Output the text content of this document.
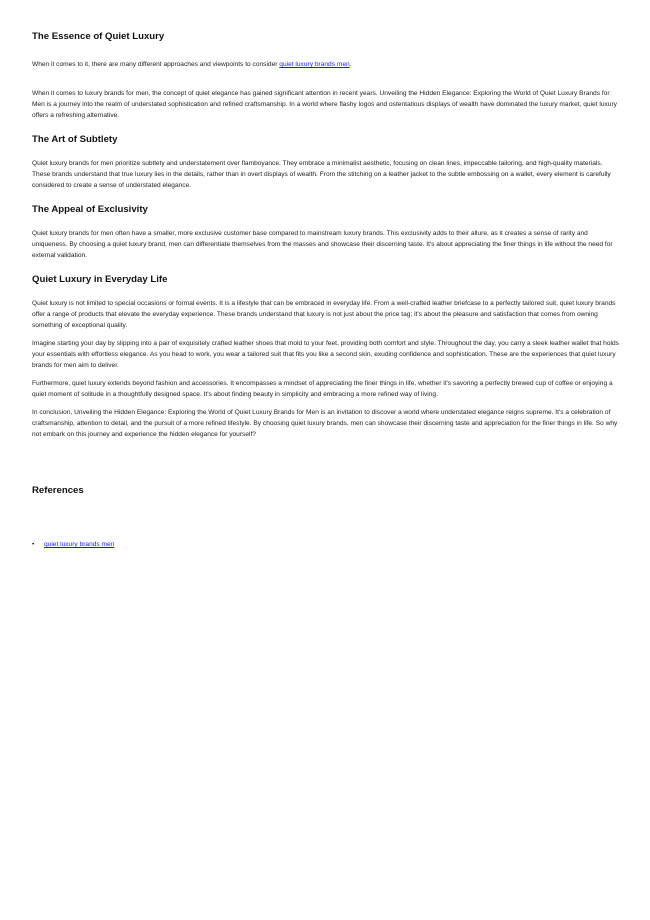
The Essence of Quiet Luxury

When it comes to it, there are many different approaches and viewpoints to consider quiet luxury brands men.

When it comes to luxury brands for men, the concept of quiet elegance has gained significant attention in recent years. Unveiling the Hidden Elegance: Exploring the World of Quiet Luxury Brands for Men is a journey into the realm of understated sophistication and refined craftsmanship. In a world where flashy logos and ostentatious displays of wealth have dominated the luxury market, quiet luxury offers a refreshing alternative.

The Art of Subtlety

Quiet luxury brands for men prioritize subtlety and understatement over flamboyance. They embrace a minimalist aesthetic, focusing on clean lines, impeccable tailoring, and high-quality materials. These brands understand that true luxury lies in the details, rather than in overt displays of wealth. From the stitching on a leather jacket to the subtle embossing on a wallet, every element is carefully considered to create a sense of understated elegance.

The Appeal of Exclusivity

Quiet luxury brands for men often have a smaller, more exclusive customer base compared to mainstream luxury brands. This exclusivity adds to their allure, as it creates a sense of rarity and uniqueness. By choosing a quiet luxury brand, men can differentiate themselves from the masses and showcase their discerning taste. It's about appreciating the finer things in life without the need for external validation.

Quiet Luxury in Everyday Life

Quiet luxury is not limited to special occasions or formal events. It is a lifestyle that can be embraced in everyday life. From a well-crafted leather briefcase to a perfectly tailored suit, quiet luxury brands offer a range of products that elevate the everyday experience. These brands understand that luxury is not just about the price tag; it's about the pleasure and satisfaction that comes from owning something of exceptional quality.

Imagine starting your day by slipping into a pair of exquisitely crafted leather shoes that mold to your feet, providing both comfort and style. Throughout the day, you carry a sleek leather wallet that holds your essentials with effortless elegance. As you head to work, you wear a tailored suit that fits you like a second skin, exuding confidence and sophistication. These are the experiences that quiet luxury brands for men aim to deliver.

Furthermore, quiet luxury extends beyond fashion and accessories. It encompasses a mindset of appreciating the finer things in life, whether it's savoring a perfectly brewed cup of coffee or enjoying a quiet moment of solitude in a thoughtfully designed space. It's about finding beauty in simplicity and embracing a more refined way of living.

In conclusion, Unveiling the Hidden Elegance: Exploring the World of Quiet Luxury Brands for Men is an invitation to discover a world where understated elegance reigns supreme. It's a celebration of craftsmanship, attention to detail, and the pursuit of a more refined lifestyle. By choosing quiet luxury brands, men can showcase their discerning taste and appreciation for the finer things in life. So why not embark on this journey and experience the hidden elegance for yourself?

References
• quiet luxury brands men
